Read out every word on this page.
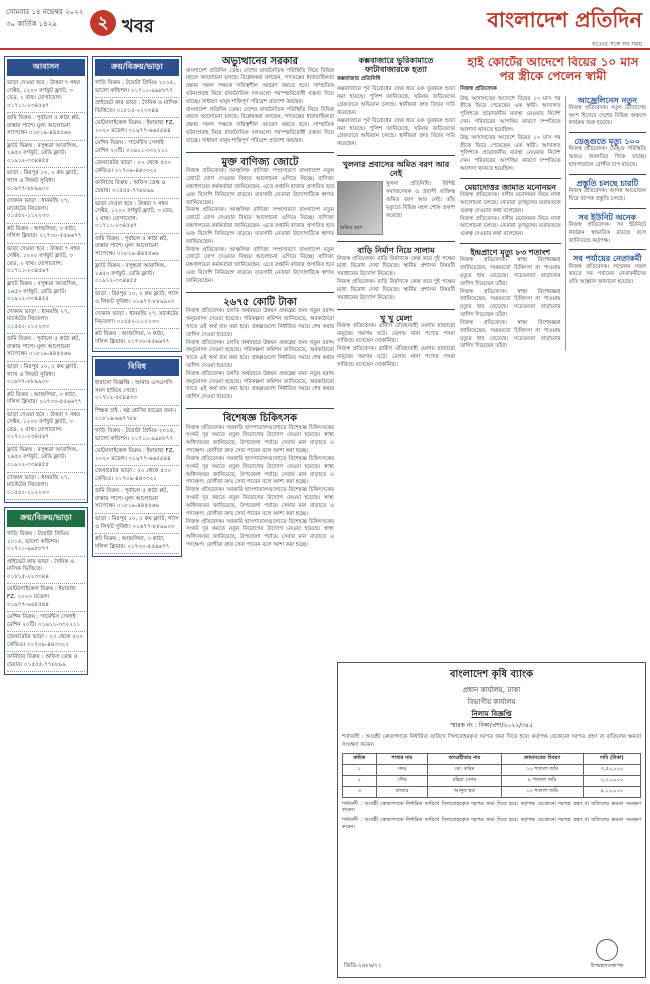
সোমবার ১৪ নভেম্বর ২০২২
৩০ কার্তিক ১৪২৯	২ খবর	বাংলাদেশ প্রতিদিন
সত্যের সঙ্গে সব সময়
আবাসন
ভাড়া দেওয়া হবে : উত্তরা ৭ নম্বর সেক্টর, ১২০০ বর্গফুট ফ্ল্যাট, ৩ বেড, ২ বাথ। যোগাযোগ: ০১৭১১-২৩৪৫৬৭
জমি বিক্রয় : পূর্বাচল ৫ কাঠা প্লট, রাস্তার পাশে। মূল্য আলোচনা সাপেক্ষে। ০১৮১৯-৪৪৫৫৬৬
ফ্ল্যাট বিক্রয় : বসুন্ধরা আবাসিক, ১৬৫০ বর্গফুট, রেডি ফ্ল্যাট। ০১৯১২-৩৩৪৪৫৫
ভাড়া : মিরপুর ১০, ২ রুম ফ্ল্যাট, গ্যাস ও লিফট সুবিধা। ০১৬৭৭-৮৮৯৯০০
দোকান ভাড়া : ধানমন্ডি ২৭, মার্কেটের নিচতলা। ০১৫৫২-১১২২৩৩
প্লট বিক্রয় : আশুলিয়া, ৩ কাঠা, দলিল ক্লিয়ার। ০১৭৩০-৫৫৬৬৭৭
ভাড়া দেওয়া হবে : উত্তরা ৭ নম্বর সেক্টর, ১২০০ বর্গফুট ফ্ল্যাট, ৩ বেড, ২ বাথ। যোগাযোগ: ০১৭১১-২৩৪৫৬৭
ফ্ল্যাট বিক্রয় : বসুন্ধরা আবাসিক, ১৬৫০ বর্গফুট, রেডি ফ্ল্যাট। ০১৯১২-৩৩৪৪৫৫
দোকান ভাড়া : ধানমন্ডি ২৭, মার্কেটের নিচতলা। ০১৫৫২-১১২২৩৩
জমি বিক্রয় : পূর্বাচল ৫ কাঠা প্লট, রাস্তার পাশে। মূল্য আলোচনা সাপেক্ষে। ০১৮১৯-৪৪৫৫৬৬
ভাড়া : মিরপুর ১০, ২ রুম ফ্ল্যাট, গ্যাস ও লিফট সুবিধা। ০১৬৭৭-৮৮৯৯০০
প্লট বিক্রয় : আশুলিয়া, ৩ কাঠা, দলিল ক্লিয়ার। ০১৭৩০-৫৫৬৬৭৭
ভাড়া দেওয়া হবে : উত্তরা ৭ নম্বর সেক্টর, ১২০০ বর্গফুট ফ্ল্যাট, ৩ বেড, ২ বাথ। যোগাযোগ: ০১৭১১-২৩৪৫৬৭
ফ্ল্যাট বিক্রয় : বসুন্ধরা আবাসিক, ১৬৫০ বর্গফুট, রেডি ফ্ল্যাট। ০১৯১২-৩৩৪৪৫৫
দোকান ভাড়া : ধানমন্ডি ২৭, মার্কেটের নিচতলা। ০১৫৫২-১১২২৩৩
ক্রয়/বিক্রয়/ভাড়া
গাড়ি বিক্রয় : টয়োটা প্রিমিও ২০১৫, ভালো কন্ডিশন। ০১৭১১-৯৯৮৮৭৭
প্রাইভেট কার ভাড়া : দৈনিক ও মাসিক ভিত্তিতে। ০১৮১৫-২২৩৩৪৪
মোটরসাইকেল বিক্রয় : ইয়ামাহা FZ, ২০২০ মডেল। ০১৯৭৭-৬৬৫৫৪৪
মেশিন বিক্রয় : গার্মেন্টস সেলাই মেশিন ২০টি। ০১৬১১-৩৩২২১১
জেনারেটর ভাড়া : ২০ থেকে ৫০০ কেভিএ। ০১৭০৯-৪৪৩৩২২
ফার্নিচার বিক্রয় : অফিস ডেস্ক ও চেয়ার। ০১৫৫৫-৭৭৮৮৯৯
ক্রয়/বিক্রয়/ভাড়া
গাড়ি বিক্রয় : টয়োটা প্রিমিও ২০১৫, ভালো কন্ডিশন। ০১৭১১-৯৯৮৮৭৭
প্রাইভেট কার ভাড়া : দৈনিক ও মাসিক ভিত্তিতে। ০১৮১৫-২২৩৩৪৪
মোটরসাইকেল বিক্রয় : ইয়ামাহা FZ, ২০২০ মডেল। ০১৯৭৭-৬৬৫৫৪৪
মেশিন বিক্রয় : গার্মেন্টস সেলাই মেশিন ২০টি। ০১৬১১-৩৩২২১১
জেনারেটর ভাড়া : ২০ থেকে ৫০০ কেভিএ। ০১৭০৯-৪৪৩৩২২
ফার্নিচার বিক্রয় : অফিস ডেস্ক ও চেয়ার। ০১৫৫৫-৭৭৮৮৯৯
ভাড়া দেওয়া হবে : উত্তরা ৭ নম্বর সেক্টর, ১২০০ বর্গফুট ফ্ল্যাট, ৩ বেড, ২ বাথ। যোগাযোগ: ০১৭১১-২৩৪৫৬৭
জমি বিক্রয় : পূর্বাচল ৫ কাঠা প্লট, রাস্তার পাশে। মূল্য আলোচনা সাপেক্ষে। ০১৮১৯-৪৪৫৫৬৬
ফ্ল্যাট বিক্রয় : বসুন্ধরা আবাসিক, ১৬৫০ বর্গফুট, রেডি ফ্ল্যাট। ০১৯১২-৩৩৪৪৫৫
ভাড়া : মিরপুর ১০, ২ রুম ফ্ল্যাট, গ্যাস ও লিফট সুবিধা। ০১৬৭৭-৮৮৯৯০০
দোকান ভাড়া : ধানমন্ডি ২৭, মার্কেটের নিচতলা। ০১৫৫২-১১২২৩৩
প্লট বিক্রয় : আশুলিয়া, ৩ কাঠা, দলিল ক্লিয়ার। ০১৭৩০-৫৫৬৬৭৭
বিবিধ
হারানো বিজ্ঞপ্তি : আমার এসএসসি সনদ হারিয়ে গেছে। ০১৭১২-৫৫৪৪৩৩
শিক্ষক চাই : ষষ্ঠ শ্রেণির ছাত্রের জন্য। ০১৮১৬-৬৬৭৭৮৮
গাড়ি বিক্রয় : টয়োটা প্রিমিও ২০১৫, ভালো কন্ডিশন। ০১৭১১-৯৯৮৮৭৭
মোটরসাইকেল বিক্রয় : ইয়ামাহা FZ, ২০২০ মডেল। ০১৯৭৭-৬৬৫৫৪৪
জেনারেটর ভাড়া : ২০ থেকে ৫০০ কেভিএ। ০১৭০৯-৪৪৩৩২২
জমি বিক্রয় : পূর্বাচল ৫ কাঠা প্লট, রাস্তার পাশে। মূল্য আলোচনা সাপেক্ষে। ০১৮১৯-৪৪৫৫৬৬
ভাড়া : মিরপুর ১০, ২ রুম ফ্ল্যাট, গ্যাস ও লিফট সুবিধা। ০১৬৭৭-৮৮৯৯০০
প্লট বিক্রয় : আশুলিয়া, ৩ কাঠা, দলিল ক্লিয়ার। ০১৭৩০-৫৫৬৬৭৭
অভ্যুত্থানের সরকার
বাংলাদেশ প্রতিদিন ডেস্ক। দেশের রাজনৈতিক পরিস্থিতি নিয়ে বিভিন্ন মহলে আলোচনা চলছে। বিশ্লেষকরা বলছেন, গণতন্ত্রের ধারাবাহিকতা রক্ষায় সকল পক্ষকে দায়িত্বশীল আচরণ করতে হবে। সাম্প্রতিক ঘটনাপ্রবাহ নিয়ে রাজনৈতিক দলগুলো পরস্পরবিরোধী বক্তব্য দিয়ে যাচ্ছে। সাধারণ মানুষ শান্তিপূর্ণ পরিবেশ প্রত্যাশা করছেন।
বাংলাদেশ প্রতিদিন ডেস্ক। দেশের রাজনৈতিক পরিস্থিতি নিয়ে বিভিন্ন মহলে আলোচনা চলছে। বিশ্লেষকরা বলছেন, গণতন্ত্রের ধারাবাহিকতা রক্ষায় সকল পক্ষকে দায়িত্বশীল আচরণ করতে হবে। সাম্প্রতিক ঘটনাপ্রবাহ নিয়ে রাজনৈতিক দলগুলো পরস্পরবিরোধী বক্তব্য দিয়ে যাচ্ছে। সাধারণ মানুষ শান্তিপূর্ণ পরিবেশ প্রত্যাশা করছেন।
মুক্ত বাণিজ্য জোটে
নিজস্ব প্রতিবেদক। আঞ্চলিক বাণিজ্য সম্প্রসারণে বাংলাদেশ নতুন জোটে যোগ দেওয়ার বিষয়ে আলোচনা এগিয়ে নিচ্ছে। বাণিজ্য মন্ত্রণালয়ের কর্মকর্তারা জানিয়েছেন, এতে রপ্তানি বাজার প্রসারিত হবে এবং বিদেশি বিনিয়োগ বাড়বে। ব্যবসায়ী নেতারা উদ্যোগটিকে স্বাগত জানিয়েছেন।
নিজস্ব প্রতিবেদক। আঞ্চলিক বাণিজ্য সম্প্রসারণে বাংলাদেশ নতুন জোটে যোগ দেওয়ার বিষয়ে আলোচনা এগিয়ে নিচ্ছে। বাণিজ্য মন্ত্রণালয়ের কর্মকর্তারা জানিয়েছেন, এতে রপ্তানি বাজার প্রসারিত হবে এবং বিদেশি বিনিয়োগ বাড়বে। ব্যবসায়ী নেতারা উদ্যোগটিকে স্বাগত জানিয়েছেন।
নিজস্ব প্রতিবেদক। আঞ্চলিক বাণিজ্য সম্প্রসারণে বাংলাদেশ নতুন জোটে যোগ দেওয়ার বিষয়ে আলোচনা এগিয়ে নিচ্ছে। বাণিজ্য মন্ত্রণালয়ের কর্মকর্তারা জানিয়েছেন, এতে রপ্তানি বাজার প্রসারিত হবে এবং বিদেশি বিনিয়োগ বাড়বে। ব্যবসায়ী নেতারা উদ্যোগটিকে স্বাগত জানিয়েছেন।
২৬৭৫ কোটি টাকা
নিজস্ব প্রতিবেদক। চলতি অর্থবছরে উন্নয়ন প্রকল্পের জন্য নতুন বরাদ্দ অনুমোদন দেওয়া হয়েছে। পরিকল্পনা কমিশন জানিয়েছে, অবকাঠামো খাতে এই অর্থ ব্যয় করা হবে। প্রকল্পগুলো নির্ধারিত সময়ে শেষ করার তাগিদ দেওয়া হয়েছে।
নিজস্ব প্রতিবেদক। চলতি অর্থবছরে উন্নয়ন প্রকল্পের জন্য নতুন বরাদ্দ অনুমোদন দেওয়া হয়েছে। পরিকল্পনা কমিশন জানিয়েছে, অবকাঠামো খাতে এই অর্থ ব্যয় করা হবে। প্রকল্পগুলো নির্ধারিত সময়ে শেষ করার তাগিদ দেওয়া হয়েছে।
নিজস্ব প্রতিবেদক। চলতি অর্থবছরে উন্নয়ন প্রকল্পের জন্য নতুন বরাদ্দ অনুমোদন দেওয়া হয়েছে। পরিকল্পনা কমিশন জানিয়েছে, অবকাঠামো খাতে এই অর্থ ব্যয় করা হবে। প্রকল্পগুলো নির্ধারিত সময়ে শেষ করার তাগিদ দেওয়া হয়েছে।
বিশেষজ্ঞ চিকিৎসক
নিজস্ব প্রতিবেদক। সরকারি হাসপাতালগুলোতে বিশেষজ্ঞ চিকিৎসকের সংকট দূর করতে নতুন নিয়োগের উদ্যোগ নেওয়া হয়েছে। স্বাস্থ্য অধিদফতর জানিয়েছে, উপজেলা পর্যায়ে সেবার মান বাড়াতে এ পদক্ষেপ। রোগীরা দ্রুত সেবা পাবেন বলে আশা করা হচ্ছে।
নিজস্ব প্রতিবেদক। সরকারি হাসপাতালগুলোতে বিশেষজ্ঞ চিকিৎসকের সংকট দূর করতে নতুন নিয়োগের উদ্যোগ নেওয়া হয়েছে। স্বাস্থ্য অধিদফতর জানিয়েছে, উপজেলা পর্যায়ে সেবার মান বাড়াতে এ পদক্ষেপ। রোগীরা দ্রুত সেবা পাবেন বলে আশা করা হচ্ছে।
নিজস্ব প্রতিবেদক। সরকারি হাসপাতালগুলোতে বিশেষজ্ঞ চিকিৎসকের সংকট দূর করতে নতুন নিয়োগের উদ্যোগ নেওয়া হয়েছে। স্বাস্থ্য অধিদফতর জানিয়েছে, উপজেলা পর্যায়ে সেবার মান বাড়াতে এ পদক্ষেপ। রোগীরা দ্রুত সেবা পাবেন বলে আশা করা হচ্ছে।
নিজস্ব প্রতিবেদক। সরকারি হাসপাতালগুলোতে বিশেষজ্ঞ চিকিৎসকের সংকট দূর করতে নতুন নিয়োগের উদ্যোগ নেওয়া হয়েছে। স্বাস্থ্য অধিদফতর জানিয়েছে, উপজেলা পর্যায়ে সেবার মান বাড়াতে এ পদক্ষেপ। রোগীরা দ্রুত সেবা পাবেন বলে আশা করা হচ্ছে।
কক্সবাজারে ভুরিকামাতে ফাটাবাজারকে হত্যা
কক্সবাজার প্রতিনিধি
কক্সবাজারে পূর্ব বিরোধের জের ধরে এক যুবককে হত্যা করা হয়েছে। পুলিশ জানিয়েছে, ঘটনায় জড়িতদের গ্রেফতারে অভিযান চলছে। স্থানীয়রা দ্রুত বিচার দাবি করেছেন।
কক্সবাজারে পূর্ব বিরোধের জের ধরে এক যুবককে হত্যা করা হয়েছে। পুলিশ জানিয়েছে, ঘটনায় জড়িতদের গ্রেফতারে অভিযান চলছে। স্থানীয়রা দ্রুত বিচার দাবি করেছেন।
খুলনার প্রবাসের অমিত বরণ আর নেই
অমিত বরণ
খুলনা প্রতিনিধি। বিশিষ্ট সমাজসেবক ও প্রবাসী ব্যক্তিত্ব অমিত বরণ আর নেই। তাঁর মৃত্যুতে বিভিন্ন মহল শোক প্রকাশ করেছে।
বাড়ি নির্মাণ নিয়ে সালাম
নিজস্ব প্রতিবেদক। বাড়ি নির্মাণকে কেন্দ্র করে দুই পক্ষের মধ্যে বিরোধ দেখা দিয়েছে। স্থানীয় প্রশাসন বিষয়টি সমাধানের উদ্যোগ নিয়েছে।
নিজস্ব প্রতিবেদক। বাড়ি নির্মাণকে কেন্দ্র করে দুই পক্ষের মধ্যে বিরোধ দেখা দিয়েছে। স্থানীয় প্রশাসন বিষয়টি সমাধানের উদ্যোগ নিয়েছে।
খু খু মেলা
নিজস্ব প্রতিবেদক। গ্রামীণ ঐতিহ্যবাহী মেলায় হাজারো মানুষের সমাগম ঘটে। মেলায় নানা পণ্যের পসরা সাজিয়ে বসেছেন দোকানিরা।
নিজস্ব প্রতিবেদক। গ্রামীণ ঐতিহ্যবাহী মেলায় হাজারো মানুষের সমাগম ঘটে। মেলায় নানা পণ্যের পসরা সাজিয়ে বসেছেন দোকানিরা।
হাই কোর্টের আদেশে বিয়ের ১০ মাস পর স্ত্রীকে পেলেন স্বামী
নিজস্ব প্রতিবেদক
উচ্চ আদালতের আদেশে বিয়ের ১০ মাস পর স্ত্রীকে ফিরে পেয়েছেন এক স্বামী। আদালত পুলিশকে প্রয়োজনীয় ব্যবস্থা নেওয়ার নির্দেশ দেন। পরিবারের আপত্তির কারণে দম্পতিকে আলাদা থাকতে হয়েছিল।
উচ্চ আদালতের আদেশে বিয়ের ১০ মাস পর স্ত্রীকে ফিরে পেয়েছেন এক স্বামী। আদালত পুলিশকে প্রয়োজনীয় ব্যবস্থা নেওয়ার নির্দেশ দেন। পরিবারের আপত্তির কারণে দম্পতিকে আলাদা থাকতে হয়েছিল।
মেয়াদোত্তর জামাত মনোনয়ন
নিজস্ব প্রতিবেদক। দলীয় মনোনয়ন নিয়ে নানা আলোচনা চলছে। নেতারা তৃণমূলের মতামতকে গুরুত্ব দেওয়ার কথা বলেছেন।
নিজস্ব প্রতিবেদক। দলীয় মনোনয়ন নিয়ে নানা আলোচনা চলছে। নেতারা তৃণমূলের মতামতকে গুরুত্ব দেওয়ার কথা বলেছেন।
ইন্দ্রপ্রাণে মৃত্যু ৮৩ শতাংশ
নিজস্ব প্রতিবেদক। স্বাস্থ্য বিশেষজ্ঞরা জানিয়েছেন, সময়মতো চিকিৎসা না পাওয়ায় মৃত্যুর হার বেড়েছে। সচেতনতা বাড়ানোর তাগিদ দিয়েছেন তাঁরা।
নিজস্ব প্রতিবেদক। স্বাস্থ্য বিশেষজ্ঞরা জানিয়েছেন, সময়মতো চিকিৎসা না পাওয়ায় মৃত্যুর হার বেড়েছে। সচেতনতা বাড়ানোর তাগিদ দিয়েছেন তাঁরা।
নিজস্ব প্রতিবেদক। স্বাস্থ্য বিশেষজ্ঞরা জানিয়েছেন, সময়মতো চিকিৎসা না পাওয়ায় মৃত্যুর হার বেড়েছে। সচেতনতা বাড়ানোর তাগিদ দিয়েছেন তাঁরা।
আজ্রেলিনেস নতুন
নিজস্ব প্রতিবেদক। নতুন উদ্যোগের অংশ হিসেবে দেশের বিভিন্ন অঞ্চলে কার্যক্রম শুরু হয়েছে।
ডেঙ্গুতে মৃত্যু ১০০
নিজস্ব প্রতিবেদক। ডেঙ্গু পরিস্থিতি আরও অবনতির দিকে যাচ্ছে। হাসপাতালে রোগীর চাপ বাড়ছে।
প্রস্তুতি চলছে চারটি
নিজস্ব প্রতিবেদক। আসন্ন আয়োজন ঘিরে ব্যাপক প্রস্তুতি চলছে।
সব ইউনিট অনেক
নিজস্ব প্রতিবেদক। সব ইউনিটে কার্যক্রম স্বাভাবিক রয়েছে বলে জানিয়েছে কর্তৃপক্ষ।
সব পর্যায়ের নেতাকর্মী
নিজস্ব প্রতিবেদক। সম্মেলন সফল করতে সব পর্যায়ের নেতাকর্মীদের প্রতি আহ্বান জানানো হয়েছে।
বাংলাদেশ কৃষি ব্যাংক
প্রধান কার্যালয়, ঢাকা
বিভাগীয় কার্যালয়
নিলাম বিজ্ঞপ্তি
স্মারক নং : বিকা/প্রশা/২০২২/৩৪৫
শর্তাবলী : আগ্রহী ক্রেতাগণকে নির্ধারিত তারিখে সিলমোহরকৃত দরপত্র জমা দিতে হবে। কর্তৃপক্ষ যেকোনো দরপত্র গ্রহণ বা বাতিলের ক্ষমতা সংরক্ষণ করেন।
ক্রমিক	শাখার নাম	ঋণগ্রহীতার নাম	জামানতের বিবরণ	দাবি (টাকা)
১	সদর	মো. করিম	১০ শতাংশ জমি	৩,৫০,০০০
২	পৌর	রহিমা বেগম	৮ শতাংশ জমি	২,২০,০০০
৩	বাজার	আব্দুল হক	১২ শতাংশ জমি	৪,১০,০০০
শর্তাবলী : আগ্রহী ক্রেতাগণকে নির্ধারিত তারিখে সিলমোহরকৃত দরপত্র জমা দিতে হবে। কর্তৃপক্ষ যেকোনো দরপত্র গ্রহণ বা বাতিলের ক্ষমতা সংরক্ষণ করেন।
শর্তাবলী : আগ্রহী ক্রেতাগণকে নির্ধারিত তারিখে সিলমোহরকৃত দরপত্র জমা দিতে হবে। কর্তৃপক্ষ যেকোনো দরপত্র গ্রহণ বা বাতিলের ক্ষমতা সংরক্ষণ করেন।
উপমহাব্যবস্থাপক
জিডি-২৬৮৬/২২
